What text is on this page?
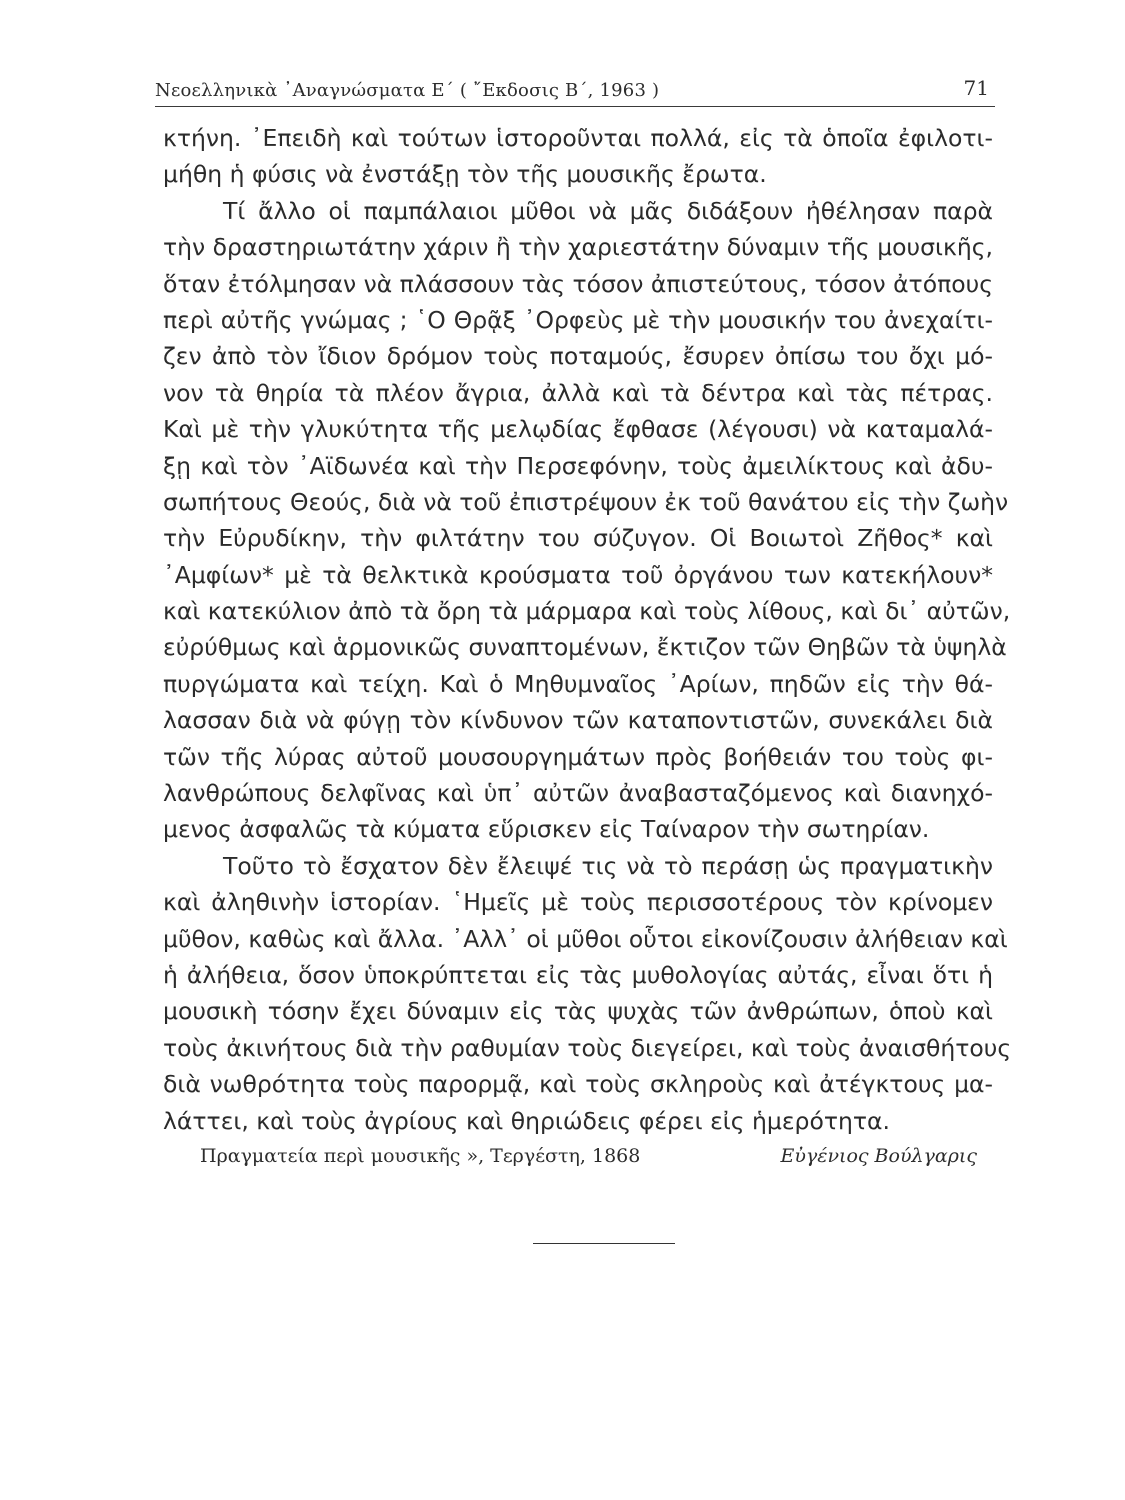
Νεοελληνικὰ ᾿Αναγνώσματα Ε΄ ( ῎Εκδοσις Β΄, 1963 )	71
κτήνη. ᾿Επειδὴ καὶ τούτων ἱστοροῦνται πολλά, εἰς τὰ ὁποῖα ἐφιλοτι-
μήθη ἡ φύσις νὰ ἐνστάξῃ τὸν τῆς μουσικῆς ἔρωτα.
Τί ἄλλο οἱ παμπάλαιοι μῦθοι νὰ μᾶς διδάξουν ἠθέλησαν παρὰ
τὴν δραστηριωτάτην χάριν ἢ τὴν χαριεστάτην δύναμιν τῆς μουσικῆς,
ὅταν ἐτόλμησαν νὰ πλάσσουν τὰς τόσον ἀπιστεύτους, τόσον ἀτόπους
περὶ αὐτῆς γνώμας ; ῾Ο Θρᾷξ ᾿Ορφεὺς μὲ τὴν μουσικήν του ἀνεχαίτι-
ζεν ἀπὸ τὸν ἴδιον δρόμον τοὺς ποταμούς, ἔσυρεν ὀπίσω του ὄχι μό-
νον τὰ θηρία τὰ πλέον ἄγρια, ἀλλὰ καὶ τὰ δέντρα καὶ τὰς πέτρας.
Καὶ μὲ τὴν γλυκύτητα τῆς μελῳδίας ἔφθασε (λέγουσι) νὰ καταμαλά-
ξῃ καὶ τὸν ᾿Αϊδωνέα καὶ τὴν Περσεφόνην, τοὺς ἀμειλίκτους καὶ ἀδυ-
σωπήτους Θεούς, διὰ νὰ τοῦ ἐπιστρέψουν ἐκ τοῦ θανάτου εἰς τὴν ζωὴν
τὴν Εὐρυδίκην, τὴν φιλτάτην του σύζυγον. Οἱ Βοιωτοὶ Ζῆθος* καὶ
᾿Αμφίων* μὲ τὰ θελκτικὰ κρούσματα τοῦ ὀργάνου των κατεκήλουν*
καὶ κατεκύλιον ἀπὸ τὰ ὄρη τὰ μάρμαρα καὶ τοὺς λίθους, καὶ δι᾿ αὐτῶν,
εὐρύθμως καὶ ἁρμονικῶς συναπτομένων, ἔκτιζον τῶν Θηβῶν τὰ ὑψηλὰ
πυργώματα καὶ τείχη. Καὶ ὁ Μηθυμναῖος ᾿Αρίων, πηδῶν εἰς τὴν θά-
λασσαν διὰ νὰ φύγῃ τὸν κίνδυνον τῶν καταποντιστῶν, συνεκάλει διὰ
τῶν τῆς λύρας αὐτοῦ μουσουργημάτων πρὸς βοήθειάν του τοὺς φι-
λανθρώπους δελφῖνας καὶ ὑπ᾿ αὐτῶν ἀναβασταζόμενος καὶ διανηχό-
μενος ἀσφαλῶς τὰ κύματα εὕρισκεν εἰς Ταίναρον τὴν σωτηρίαν.
Τοῦτο τὸ ἔσχατον δὲν ἔλειψέ τις νὰ τὸ περάσῃ ὡς πραγματικὴν
καὶ ἀληθινὴν ἱστορίαν. ῾Ημεῖς μὲ τοὺς περισσοτέρους τὸν κρίνομεν
μῦθον, καθὼς καὶ ἄλλα. ᾿Αλλ᾿ οἱ μῦθοι οὗτοι εἰκονίζουσιν ἀλήθειαν καὶ
ἡ ἀλήθεια, ὅσον ὑποκρύπτεται εἰς τὰς μυθολογίας αὐτάς, εἶναι ὅτι ἡ
μουσικὴ τόσην ἔχει δύναμιν εἰς τὰς ψυχὰς τῶν ἀνθρώπων, ὁποὺ καὶ
τοὺς ἀκινήτους διὰ τὴν ραθυμίαν τοὺς διεγείρει, καὶ τοὺς ἀναισθήτους
διὰ νωθρότητα τοὺς παρορμᾷ, καὶ τοὺς σκληροὺς καὶ ἀτέγκτους μα-
λάττει, καὶ τοὺς ἀγρίους καὶ θηριώδεις φέρει εἰς ἡμερότητα.
Πραγματεία περὶ μουσικῆς », Τεργέστη, 1868	Εὐγένιος Βούλγαρις
